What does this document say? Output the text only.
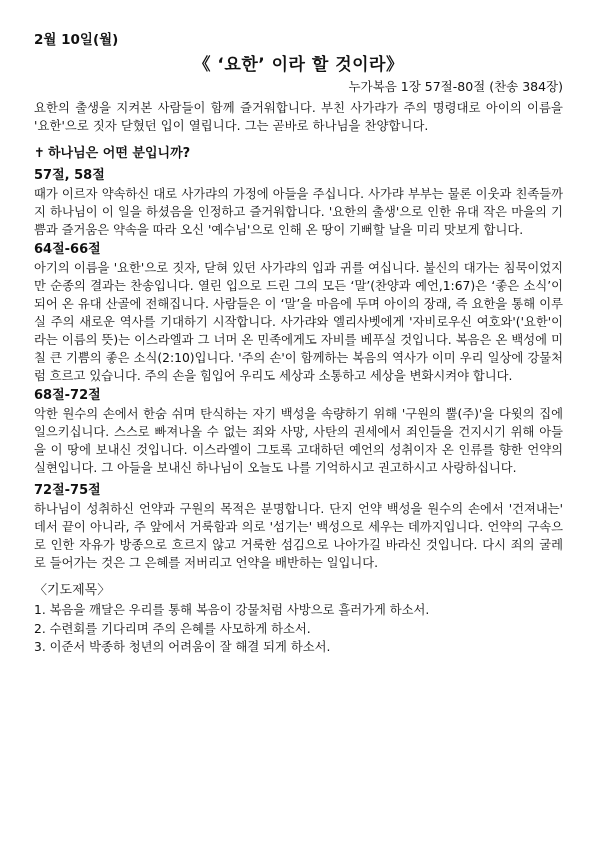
2월 10일(월)
《 ‘요한’ 이라 할 것이라》
누가복음 1장 57절-80절 (찬송 384장)

요한의 출생을 지켜본 사람들이 함께 즐거워합니다. 부친 사가랴가 주의 명령대로 아이의 이름을 '요한'으로 짓자 닫혔던 입이 열립니다. 그는 곧바로 하나님을 찬양합니다.

✝ 하나님은 어떤 분입니까?
57절, 58절

때가 이르자 약속하신 대로 사가랴의 가정에 아들을 주십니다. 사가랴 부부는 물론 이웃과 친족들까지 하나님이 이 일을 하셨음을 인정하고 즐거워합니다. '요한의 출생'으로 인한 유대 작은 마을의 기쁨과 즐거움은 약속을 따라 오신 '예수님'으로 인해 온 땅이 기뻐할 날을 미리 맛보게 합니다.

64절-66절

아기의 이름을 '요한'으로 짓자, 닫혀 있던 사가랴의 입과 귀를 여십니다. 불신의 대가는 침묵이었지만 순종의 결과는 찬송입니다. 열린 입으로 드린 그의 모든 ‘말’(찬양과 예언,1:67)은 ‘좋은 소식’이 되어 온 유대 산골에 전해집니다. 사람들은 이 ‘말’을 마음에 두며 아이의 장래, 즉 요한을 통해 이루실 주의 새로운 역사를 기대하기 시작합니다. 사가랴와 엘리사벳에게 '자비로우신 여호와'('요한'이라는 이름의 뜻)는 이스라엘과 그 너머 온 민족에게도 자비를 베푸실 것입니다. 복음은 온 백성에 미칠 큰 기쁨의 좋은 소식(2:10)입니다. '주의 손'이 함께하는 복음의 역사가 이미 우리 일상에 강물처럼 흐르고 있습니다. 주의 손을 힘입어 우리도 세상과 소통하고 세상을 변화시켜야 합니다.

68절-72절

악한 원수의 손에서 한숨 쉬며 탄식하는 자기 백성을 속량하기 위해 '구원의 뿔(주)'을 다윗의 집에 일으키십니다. 스스로 빠져나올 수 없는 죄와 사망, 사탄의 권세에서 죄인들을 건지시기 위해 아들을 이 땅에 보내신 것입니다. 이스라엘이 그토록 고대하던 예언의 성취이자 온 인류를 향한 언약의 실현입니다. 그 아들을 보내신 하나님이 오늘도 나를 기억하시고 권고하시고 사랑하십니다.

72절-75절

하나님이 성취하신 언약과 구원의 목적은 분명합니다. 단지 언약 백성을 원수의 손에서 '건져내는' 데서 끝이 아니라, 주 앞에서 거룩함과 의로 '섬기는' 백성으로 세우는 데까지입니다. 언약의 구속으로 인한 자유가 방종으로 흐르지 않고 거룩한 섬김으로 나아가길 바라신 것입니다. 다시 죄의 굴레로 들어가는 것은 그 은혜를 저버리고 언약을 배반하는 일입니다.

〈기도제목〉
1. 복음을 깨달은 우리를 통해 복음이 강물처럼 사방으로 흘러가게 하소서.
2. 수련회를 기다리며 주의 은혜를 사모하게 하소서.
3. 이준서 박종하 청년의 어려움이 잘 해결 되게 하소서.
